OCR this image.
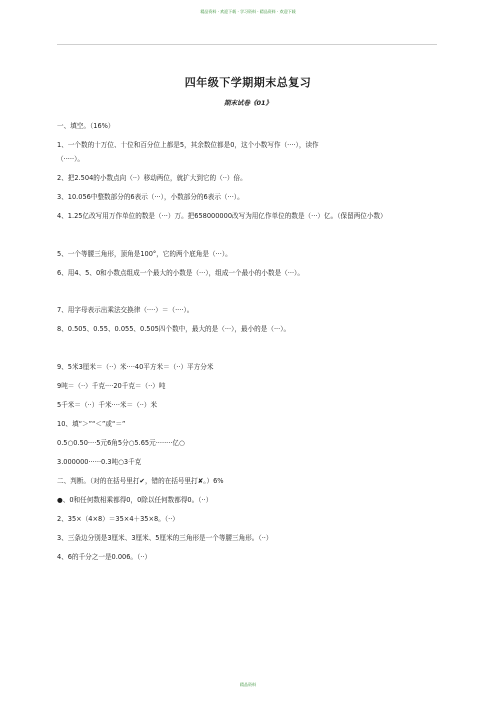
精品资料 · 欢迎下载 · 学习资料 · 精品资料 · 欢迎下载
四年级下学期期末总复习
期末试卷《01》

一、填空。（16%）

1、一个数的十万位、十位和百分位上都是5，其余数位都是0，这个小数写作（····），读作

（·····）。

2、把2.504的小数点向（··）移动两位，就扩大到它的（··）倍。

3、10.056中整数部分的6表示（···），小数部分的6表示（···）。

4、1.25亿改写用万作单位的数是（···）万。把658000000改写为用亿作单位的数是（···）亿。（保留两位小数）

5、一个等腰三角形，顶角是100°，它的两个底角是（···）。

6、用4、5、0和小数点组成一个最大的小数是（···），组成一个最小的小数是（···）。

7、用字母表示出乘法交换律（····）＝（····）。

8、0.505、0.55、0.055、0.505四个数中，最大的是（···），最小的是（···）。

9、5米3厘米＝（··）米····40平方米＝（··）平方分米

9吨＝（··）千克····20千克＝（··）吨

5千米＝（··）千米····米＝（··）米

10、填“＞”“＜”或“＝”

0.5○0.50····5元6角5分○5.65元········亿○

3.000000······0.3吨○3千克

二、判断。（对的在括号里打✔，错的在括号里打✘。）6%

●、0和任何数相乘都得0，0除以任何数都得0。（··）

2、35×（4×8）＝35×4＋35×8。（··）

3、三条边分别是3厘米、3厘米、5厘米的三角形是一个等腰三角形。（··）

4、6的千分之一是0.006。（··）

精品资料
